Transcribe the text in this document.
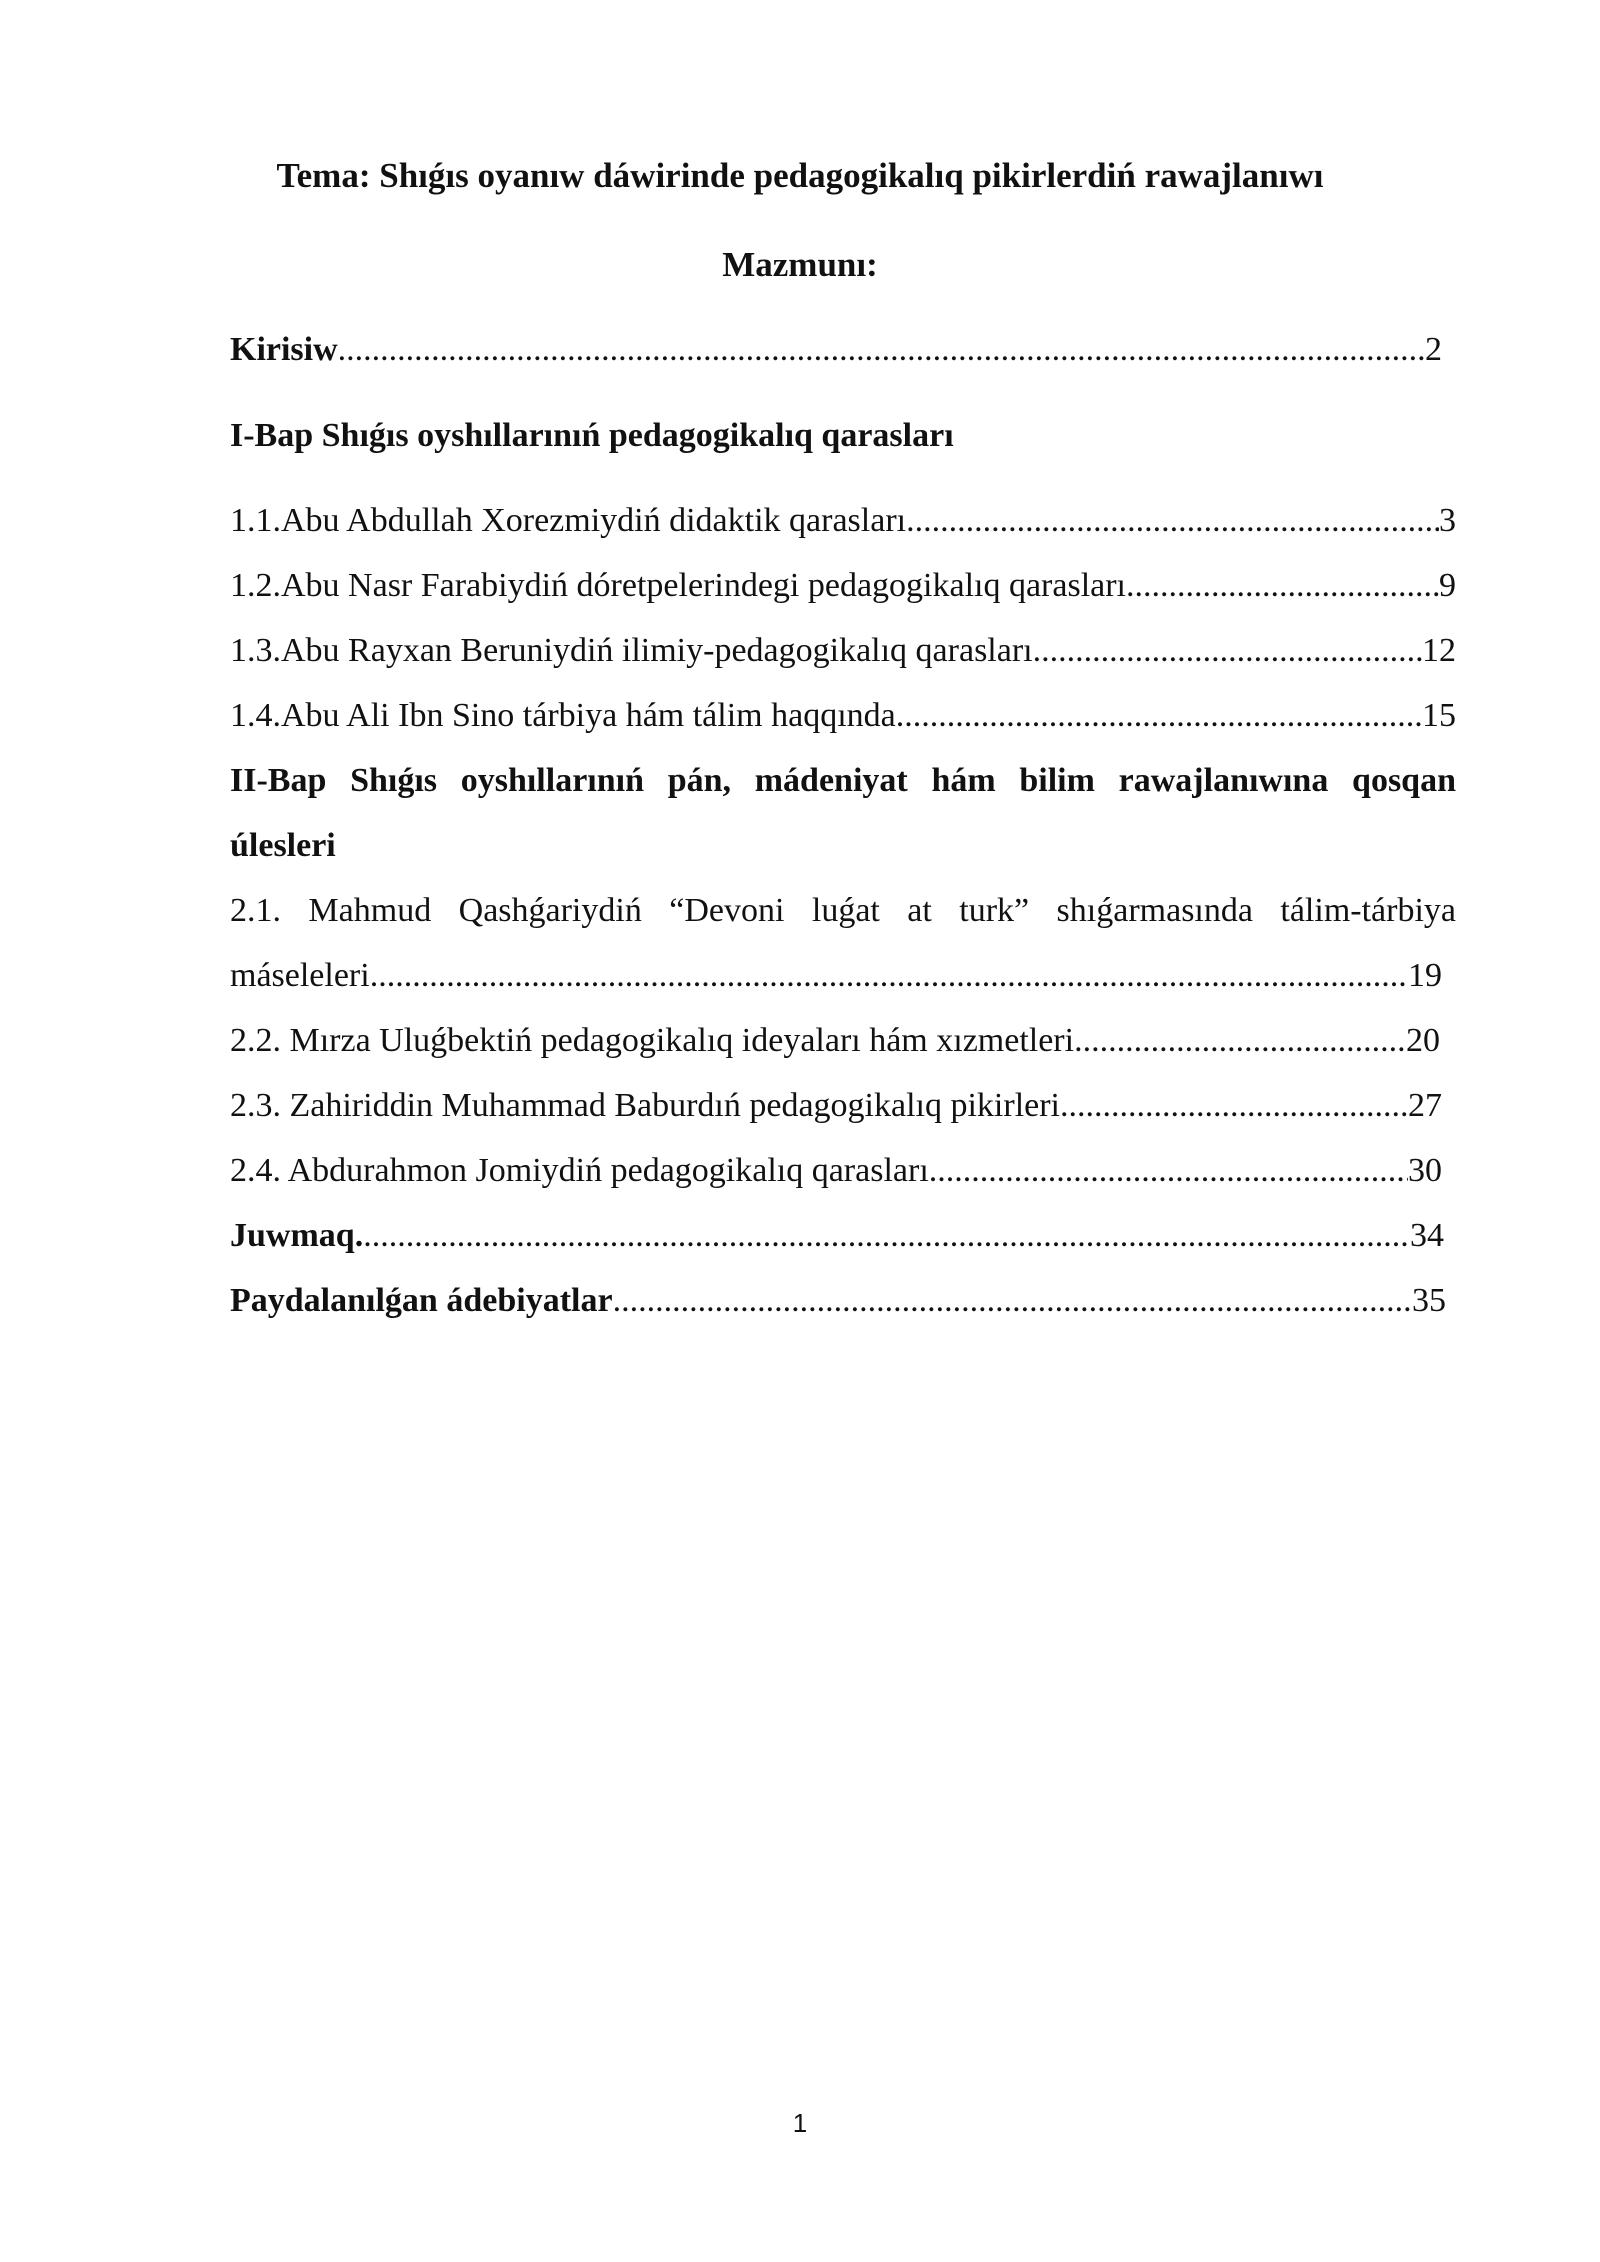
Tema: Shıǵıs oyanıw dáwirinde pedagogikalıq pikirlerdiń rawajlanıwı
Mazmunı:
Kirisiw .....	2
I-Bap Shıǵıs oyshıllarınıń pedagogikalıq qarasları
1.1. Abu Abdullah Xorezmiydiń didaktik qarasları .....	3
1.2. Abu Nasr Farabiydiń dóretpelerindegi pedagogikalıq qarasları .....	9
1.3. Abu Rayxan Beruniydiń ilimiy-pedagogikalıq qarasları .....	12
1.4. Abu Ali Ibn Sino tárbiya hám tálim haqqında .....	15
II-Bap Shıǵıs oyshıllarınıń pán, mádeniyat hám bilim rawajlanıwına qosqan
úlesleri
2.1. Mahmud Qashǵariydiń “Devoni luǵat at turk” shıǵarmasında tálim-tárbiya
máseleleri .....	19
2.2. Mırza Uluǵbektiń pedagogikalıq ideyaları hám xızmetleri .....	20
2.3. Zahiriddin Muhammad Baburdıń pedagogikalıq pikirleri .....	27
2.4. Abdurahmon Jomiydiń pedagogikalıq qarasları .....	30
Juwmaq. .....	34
Paydalanılǵan ádebiyatlar .....	35
1
